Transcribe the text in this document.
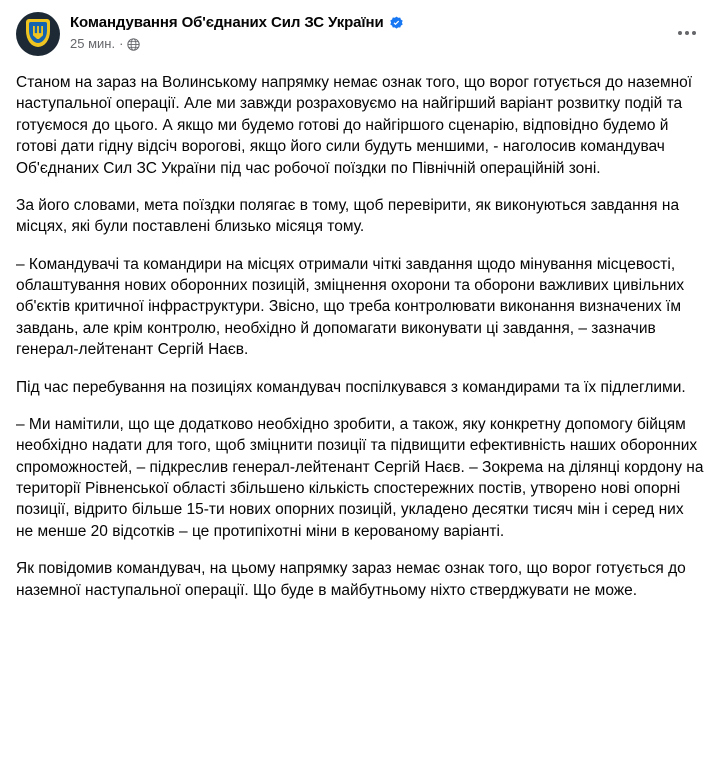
Командування Об'єднаних Сил ЗС України
25 мин. ·

Станом на зараз на Волинському напрямку немає ознак того, що ворог готується до наземної наступальної операції. Але ми завжди розраховуємо на найгірший варіант розвитку подій та готуємося до цього. А якщо ми будемо готові до найгіршого сценарію, відповідно будемо й готові дати гідну відсіч ворогові, якщо його сили будуть меншими, - наголосив командувач Об'єднаних Сил ЗС України під час робочої поїздки по Північній операційній зоні.

За його словами, мета поїздки полягає в тому, щоб перевірити, як виконуються завдання на місцях, які були поставлені близько місяця тому.

– Командувачі та командири на місцях отримали чіткі завдання щодо мінування місцевості, облаштування нових оборонних позицій, зміцнення охорони та оборони важливих цивільних об'єктів критичної інфраструктури. Звісно, що треба контролювати виконання визначених їм завдань, але крім контролю, необхідно й допомагати виконувати ці завдання, – зазначив генерал-лейтенант Сергій Наєв.

Під час перебування на позиціях командувач поспілкувався з командирами та їх підлеглими.

– Ми намітили, що ще додатково необхідно зробити, а також, яку конкретну допомогу бійцям необхідно надати для того, щоб зміцнити позиції та підвищити ефективність наших оборонних спроможностей, – підкреслив генерал-лейтенант Сергій Наєв. – Зокрема на ділянці кордону на території Рівненської області збільшено кількість спостережних постів, утворено нові опорні позиції, відрито більше 15-ти нових опорних позицій, укладено десятки тисяч мін і серед них не менше 20 відсотків – це протипіхотні міни в керованому варіанті.

Як повідомив командувач, на цьому напрямку зараз немає ознак того, що ворог готується до наземної наступальної операції. Що буде в майбутньому ніхто стверджувати не може.
